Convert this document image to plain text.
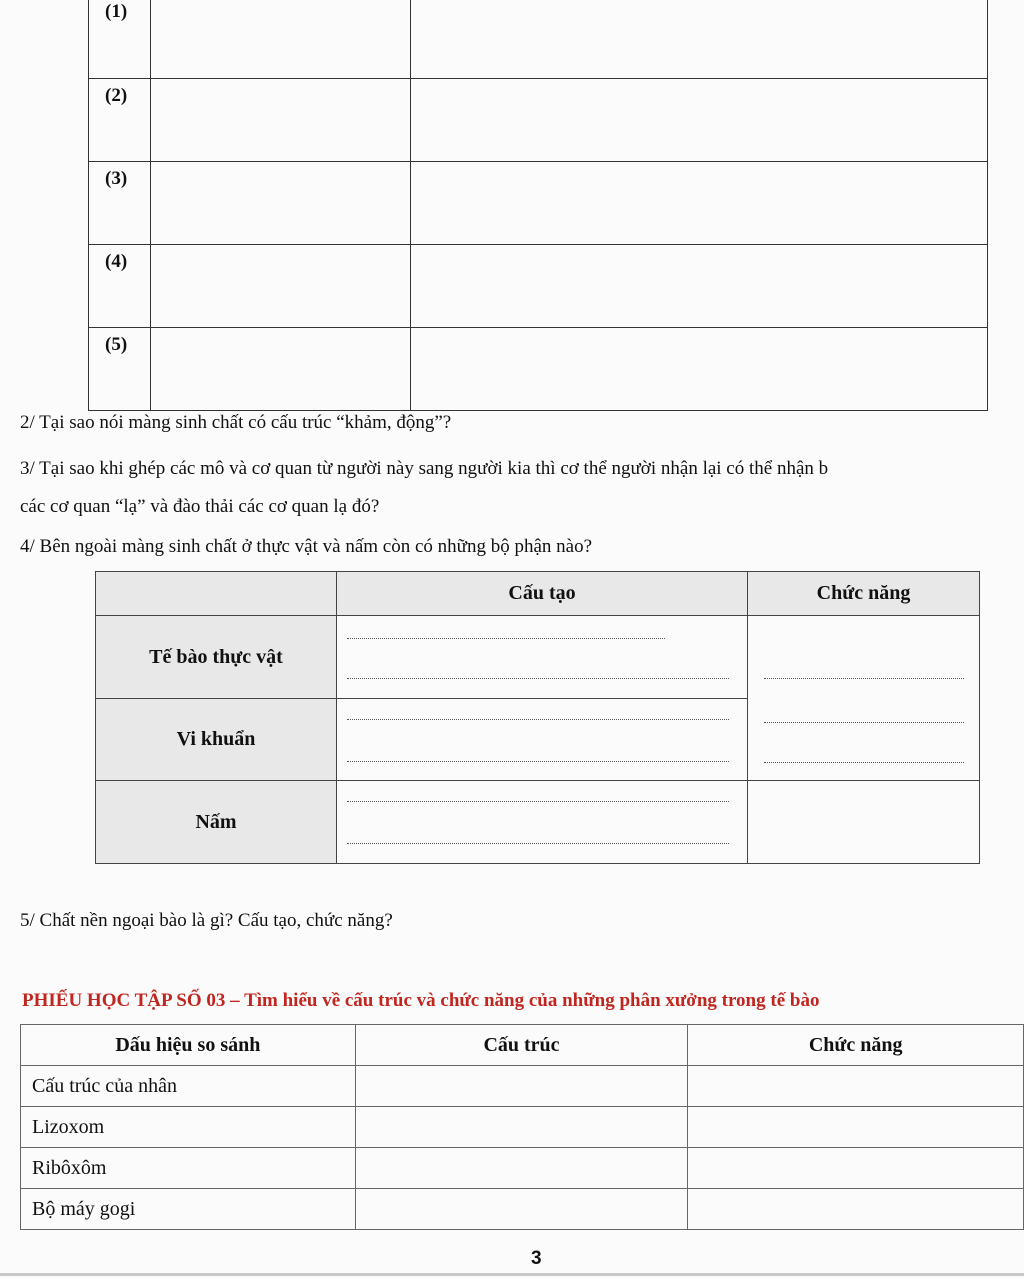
(1)		
(2)		
(3)		
(4)		
(5)		
2/ Tại sao nói màng sinh chất có cấu trúc “khảm, động”?
3/ Tại sao khi ghép các mô và cơ quan từ người này sang người kia thì cơ thể người nhận lại có thể nhận b
các cơ quan “lạ” và đào thải các cơ quan lạ đó?
4/ Bên ngoài màng sinh chất ở thực vật và nấm còn có những bộ phận nào?
	Cấu tạo	Chức năng
Tế bào thực vật	

Vi khuẩn		

Nấm	

5/ Chất nền ngoại bào là gì? Cấu tạo, chức năng?
PHIẾU HỌC TẬP SỐ 03 – Tìm hiểu về cấu trúc và chức năng của những phân xưởng trong tế bào
Dấu hiệu so sánh	Cấu trúc	Chức năng
Cấu trúc của nhân		
Lizoxom		
Ribôxôm		
Bộ máy gogi		
3
